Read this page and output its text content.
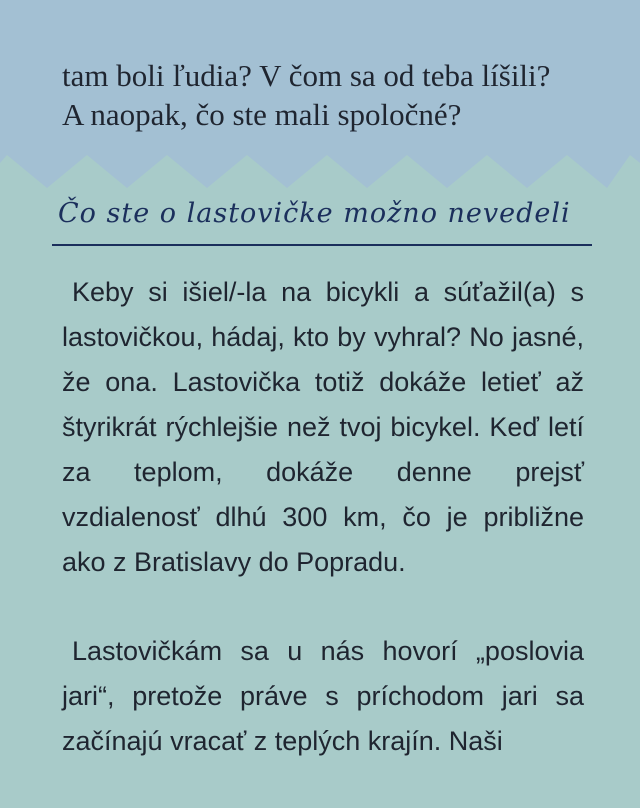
tam boli ľudia? V čom sa od teba líšili?

A naopak, čo ste mali spoločné?

Čo ste o lastovičke možno nevedeli

Keby si išiel/-la na bicykli a súťažil(a) s lastovičkou, hádaj, kto by vyhral? No jasné, že ona. Lastovička totiž dokáže letieť až štyrikrát rýchlejšie než tvoj bicykel. Keď letí za teplom, dokáže denne prejsť vzdialenosť dlhú 300 km, čo je približne ako z Bratislavy do Popradu.

Lastovičkám sa u nás hovorí „poslovia jari“, pretože práve s príchodom jari sa začínajú vracať z teplých krajín. Naši
